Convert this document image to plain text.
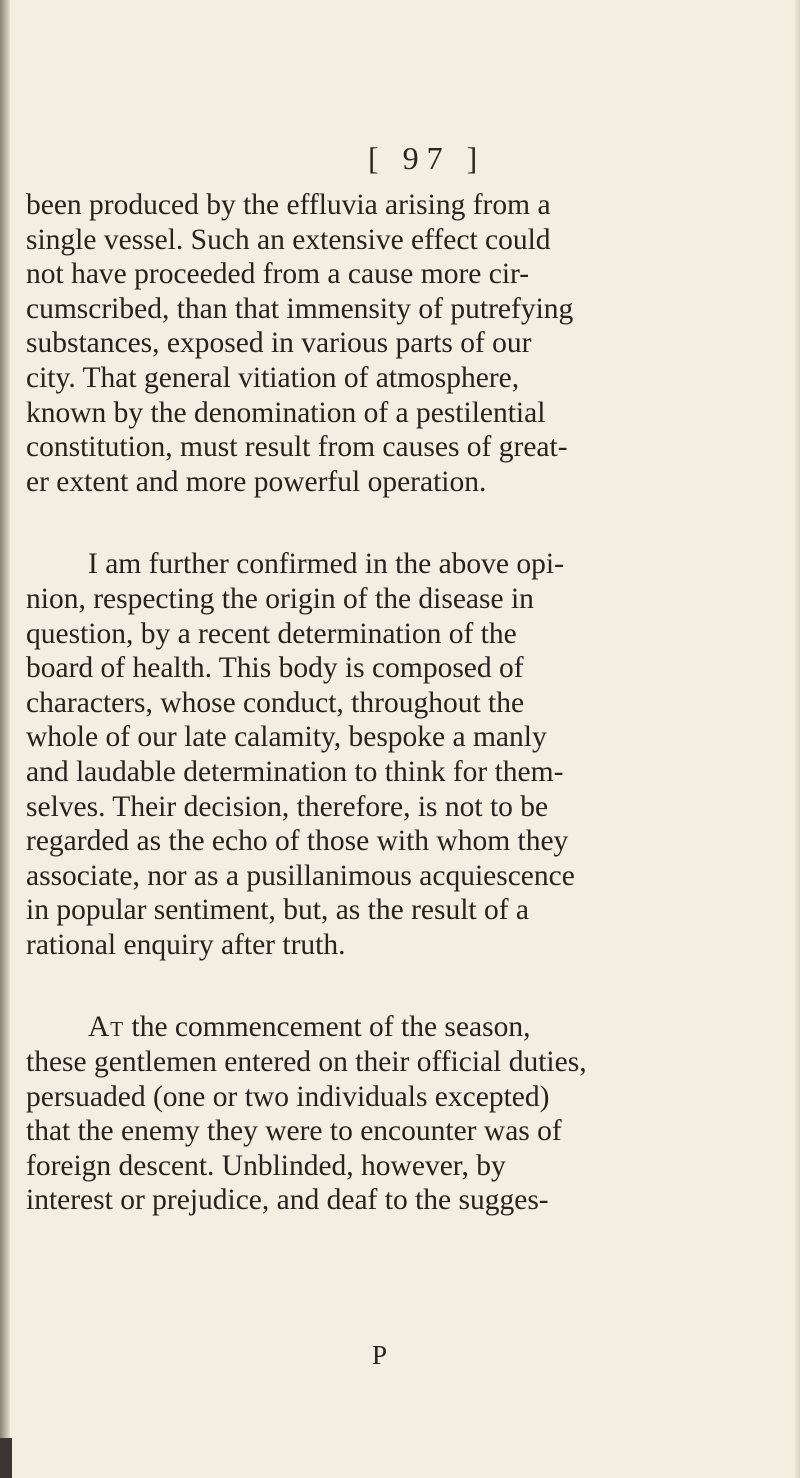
[ 97 ]
been produced by the effluvia arising from a
single vessel. Such an extensive effect could
not have proceeded from a cause more cir-
cumscribed, than that immensity of putrefying
substances, exposed in various parts of our
city. That general vitiation of atmosphere,
known by the denomination of a pestilential
constitution, must result from causes of great-
er extent and more powerful operation.
I am further confirmed in the above opi-
nion, respecting the origin of the disease in
question, by a recent determination of the
board of health. This body is composed of
characters, whose conduct, throughout the
whole of our late calamity, bespoke a manly
and laudable determination to think for them-
selves. Their decision, therefore, is not to be
regarded as the echo of those with whom they
associate, nor as a pusillanimous acquiescence
in popular sentiment, but, as the result of a
rational enquiry after truth.
At the commencement of the season,
these gentlemen entered on their official duties,
persuaded (one or two individuals excepted)
that the enemy they were to encounter was of
foreign descent. Unblinded, however, by
interest or prejudice, and deaf to the sugges-
P
